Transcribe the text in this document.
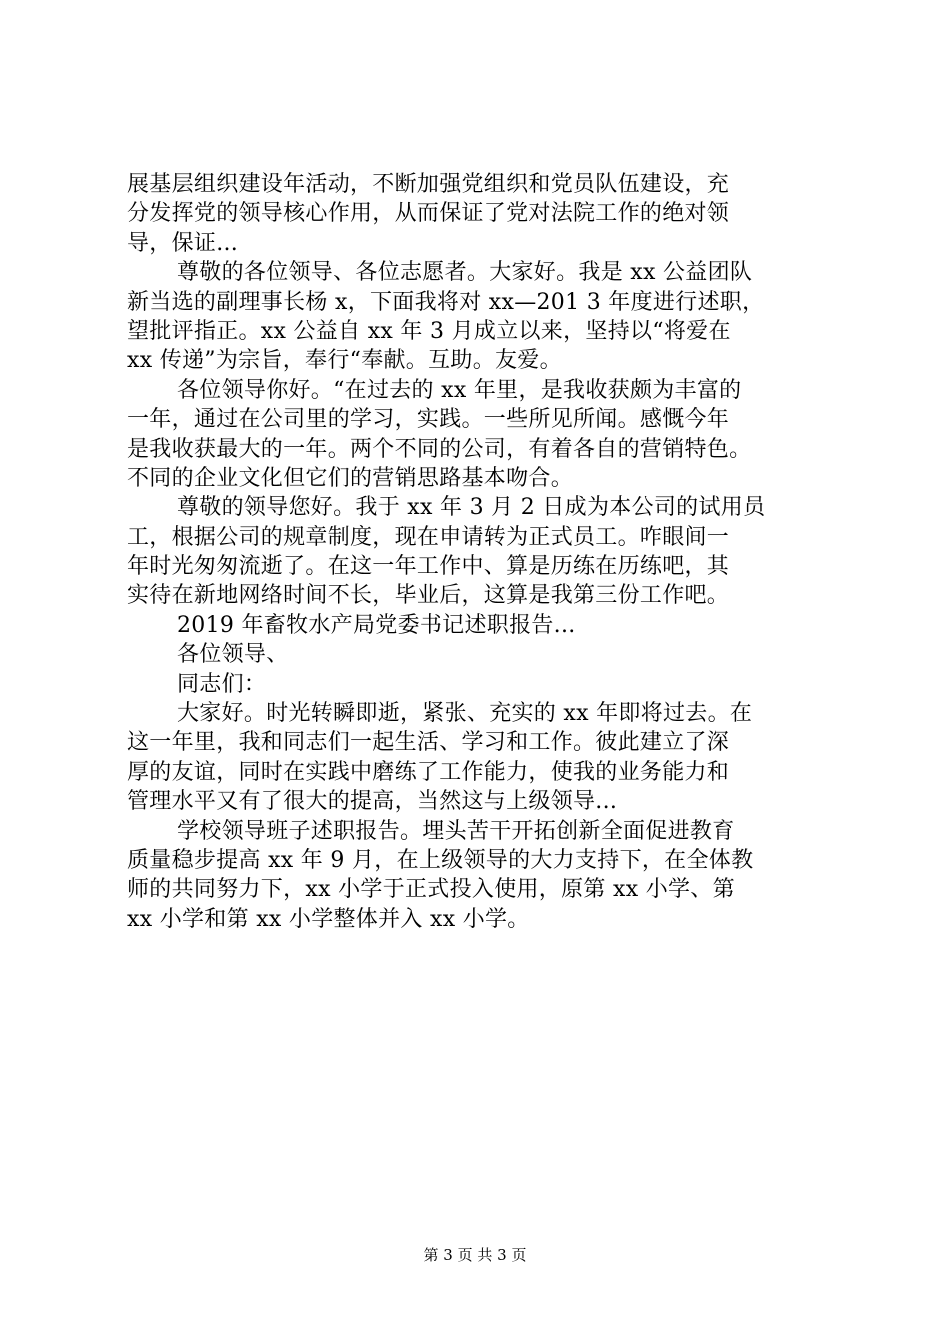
展基层组织建设年活动，不断加强党组织和党员队伍建设，充
分发挥党的领导核心作用，从而保证了党对法院工作的绝对领
导，保证...
尊敬的各位领导、各位志愿者。大家好。我是 xx 公益团队
新当选的副理事长杨 x，下面我将对 xx—201 3 年度进行述职，
望批评指正。xx 公益自 xx 年 3 月成立以来，坚持以“将爱在
xx 传递”为宗旨，奉行“奉献。互助。友爱。
各位领导你好。“在过去的 xx 年里，是我收获颇为丰富的
一年，通过在公司里的学习，实践。一些所见所闻。感慨今年
是我收获最大的一年。两个不同的公司，有着各自的营销特色。
不同的企业文化但它们的营销思路基本吻合。
尊敬的领导您好。我于 xx 年 3 月 2 日成为本公司的试用员
工，根据公司的规章制度，现在申请转为正式员工。咋眼间一
年时光匆匆流逝了。在这一年工作中、算是历练在历练吧，其
实待在新地网络时间不长，毕业后，这算是我第三份工作吧。
2019 年畜牧水产局党委书记述职报告...
各位领导、
同志们：
大家好。时光转瞬即逝，紧张、充实的 xx 年即将过去。在
这一年里，我和同志们一起生活、学习和工作。彼此建立了深
厚的友谊，同时在实践中磨练了工作能力，使我的业务能力和
管理水平又有了很大的提高，当然这与上级领导...
学校领导班子述职报告。埋头苦干开拓创新全面促进教育
质量稳步提高 xx 年 9 月，在上级领导的大力支持下，在全体教
师的共同努力下，xx 小学于正式投入使用，原第 xx 小学、第
xx 小学和第 xx 小学整体并入 xx 小学。
第 3 页 共 3 页
